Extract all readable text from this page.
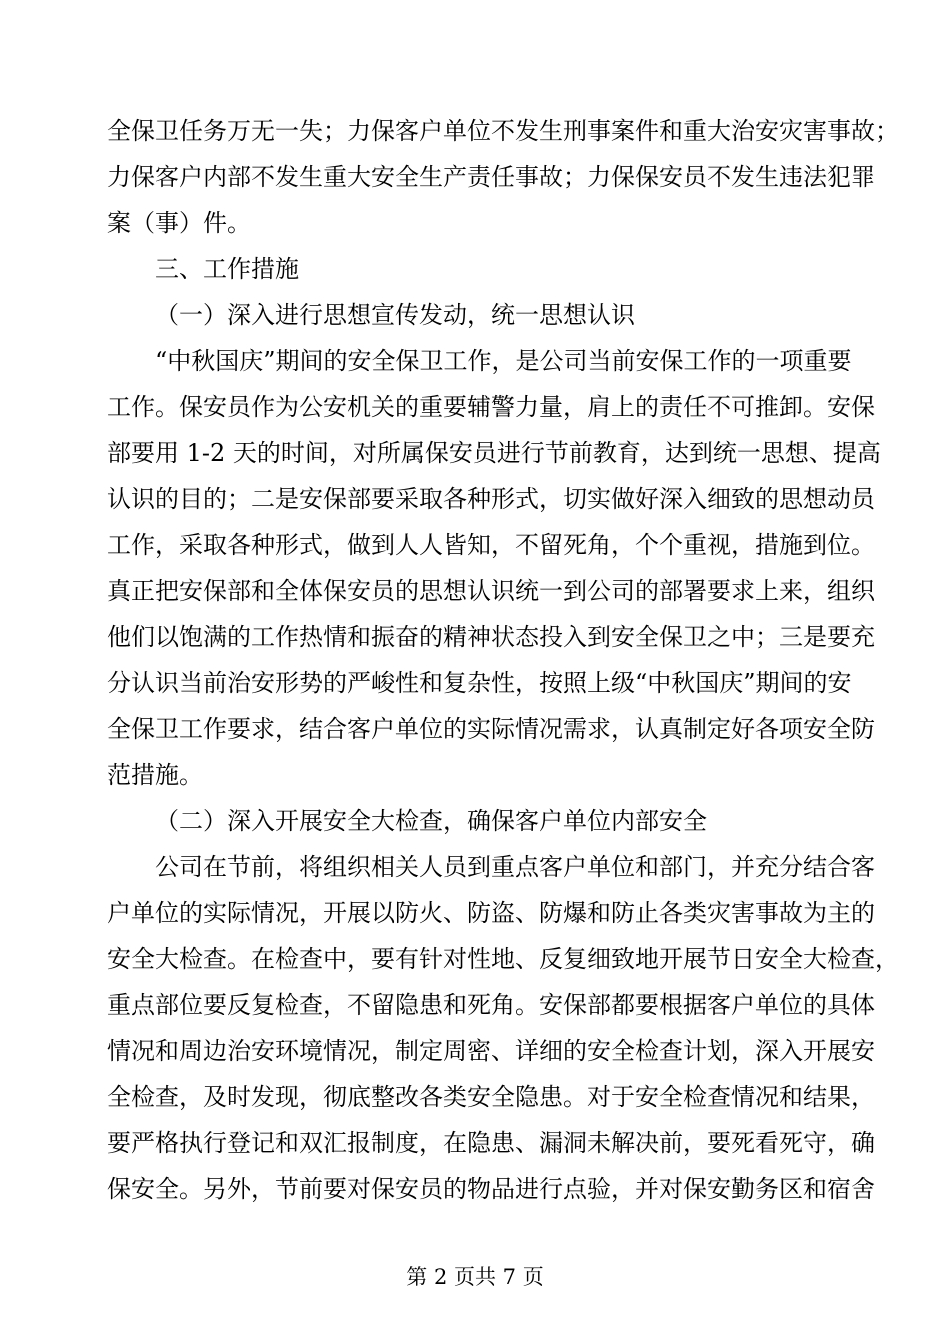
全保卫任务万无一失；力保客户单位不发生刑事案件和重大治安灾害事故；
力保客户内部不发生重大安全生产责任事故；力保保安员不发生违法犯罪
案（事）件。
三、工作措施
（一）深入进行思想宣传发动，统一思想认识
“中秋国庆”期间的安全保卫工作，是公司当前安保工作的一项重要
工作。保安员作为公安机关的重要辅警力量，肩上的责任不可推卸。安保
部要用 1-2 天的时间，对所属保安员进行节前教育，达到统一思想、提高
认识的目的；二是安保部要采取各种形式，切实做好深入细致的思想动员
工作，采取各种形式，做到人人皆知，不留死角，个个重视，措施到位。
真正把安保部和全体保安员的思想认识统一到公司的部署要求上来，组织
他们以饱满的工作热情和振奋的精神状态投入到安全保卫之中；三是要充
分认识当前治安形势的严峻性和复杂性，按照上级“中秋国庆”期间的安
全保卫工作要求，结合客户单位的实际情况需求，认真制定好各项安全防
范措施。
（二）深入开展安全大检查，确保客户单位内部安全
公司在节前，将组织相关人员到重点客户单位和部门，并充分结合客
户单位的实际情况，开展以防火、防盗、防爆和防止各类灾害事故为主的
安全大检查。在检查中，要有针对性地、反复细致地开展节日安全大检查，
重点部位要反复检查，不留隐患和死角。安保部都要根据客户单位的具体
情况和周边治安环境情况，制定周密、详细的安全检查计划，深入开展安
全检查，及时发现，彻底整改各类安全隐患。对于安全检查情况和结果，
要严格执行登记和双汇报制度，在隐患、漏洞未解决前，要死看死守，确
保安全。另外，节前要对保安员的物品进行点验，并对保安勤务区和宿舍
第 2 页共 7 页
